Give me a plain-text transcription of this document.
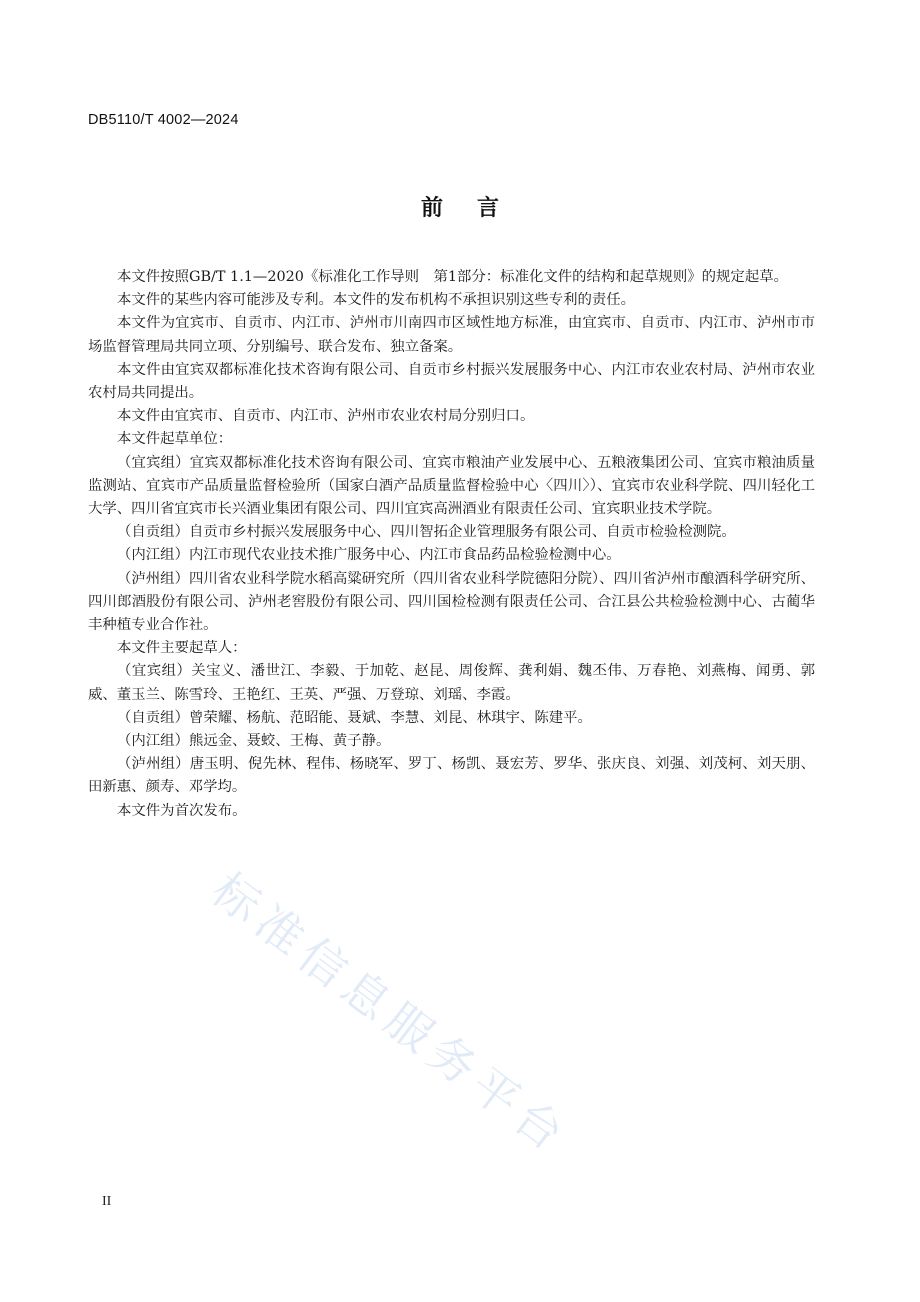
DB5110/T 4002—2024
前言

本文件按照GB/T 1.1—2020《标准化工作导则　第1部分：标准化文件的结构和起草规则》的规定起草。

本文件的某些内容可能涉及专利。本文件的发布机构不承担识别这些专利的责任。

本文件为宜宾市、自贡市、内江市、泸州市川南四市区域性地方标准，由宜宾市、自贡市、内江市、泸州市市场监督管理局共同立项、分别编号、联合发布、独立备案。

本文件由宜宾双都标准化技术咨询有限公司、自贡市乡村振兴发展服务中心、内江市农业农村局、泸州市农业农村局共同提出。

本文件由宜宾市、自贡市、内江市、泸州市农业农村局分别归口。

本文件起草单位：

（宜宾组）宜宾双都标准化技术咨询有限公司、宜宾市粮油产业发展中心、五粮液集团公司、宜宾市粮油质量监测站、宜宾市产品质量监督检验所（国家白酒产品质量监督检验中心〈四川〉）、宜宾市农业科学院、四川轻化工大学、四川省宜宾市长兴酒业集团有限公司、四川宜宾高洲酒业有限责任公司、宜宾职业技术学院。

（自贡组）自贡市乡村振兴发展服务中心、四川智拓企业管理服务有限公司、自贡市检验检测院。

（内江组）内江市现代农业技术推广服务中心、内江市食品药品检验检测中心。

（泸州组）四川省农业科学院水稻高粱研究所（四川省农业科学院德阳分院）、四川省泸州市酿酒科学研究所、四川郎酒股份有限公司、泸州老窖股份有限公司、四川国检检测有限责任公司、合江县公共检验检测中心、古蔺华丰种植专业合作社。

本文件主要起草人：

（宜宾组）关宝义、潘世江、李毅、于加乾、赵昆、周俊辉、龚利娟、魏丕伟、万春艳、刘燕梅、闻勇、郭威、董玉兰、陈雪玲、王艳红、王英、严强、万登琼、刘瑶、李霞。

（自贡组）曾荣耀、杨航、范昭能、聂斌、李慧、刘昆、林琪宇、陈建平。

（内江组）熊远金、聂蛟、王梅、黄子静。

（泸州组）唐玉明、倪先林、程伟、杨晓军、罗丁、杨凯、聂宏芳、罗华、张庆良、刘强、刘茂柯、刘天朋、田新惠、颜寿、邓学均。

本文件为首次发布。

标准信息服务平台
II
